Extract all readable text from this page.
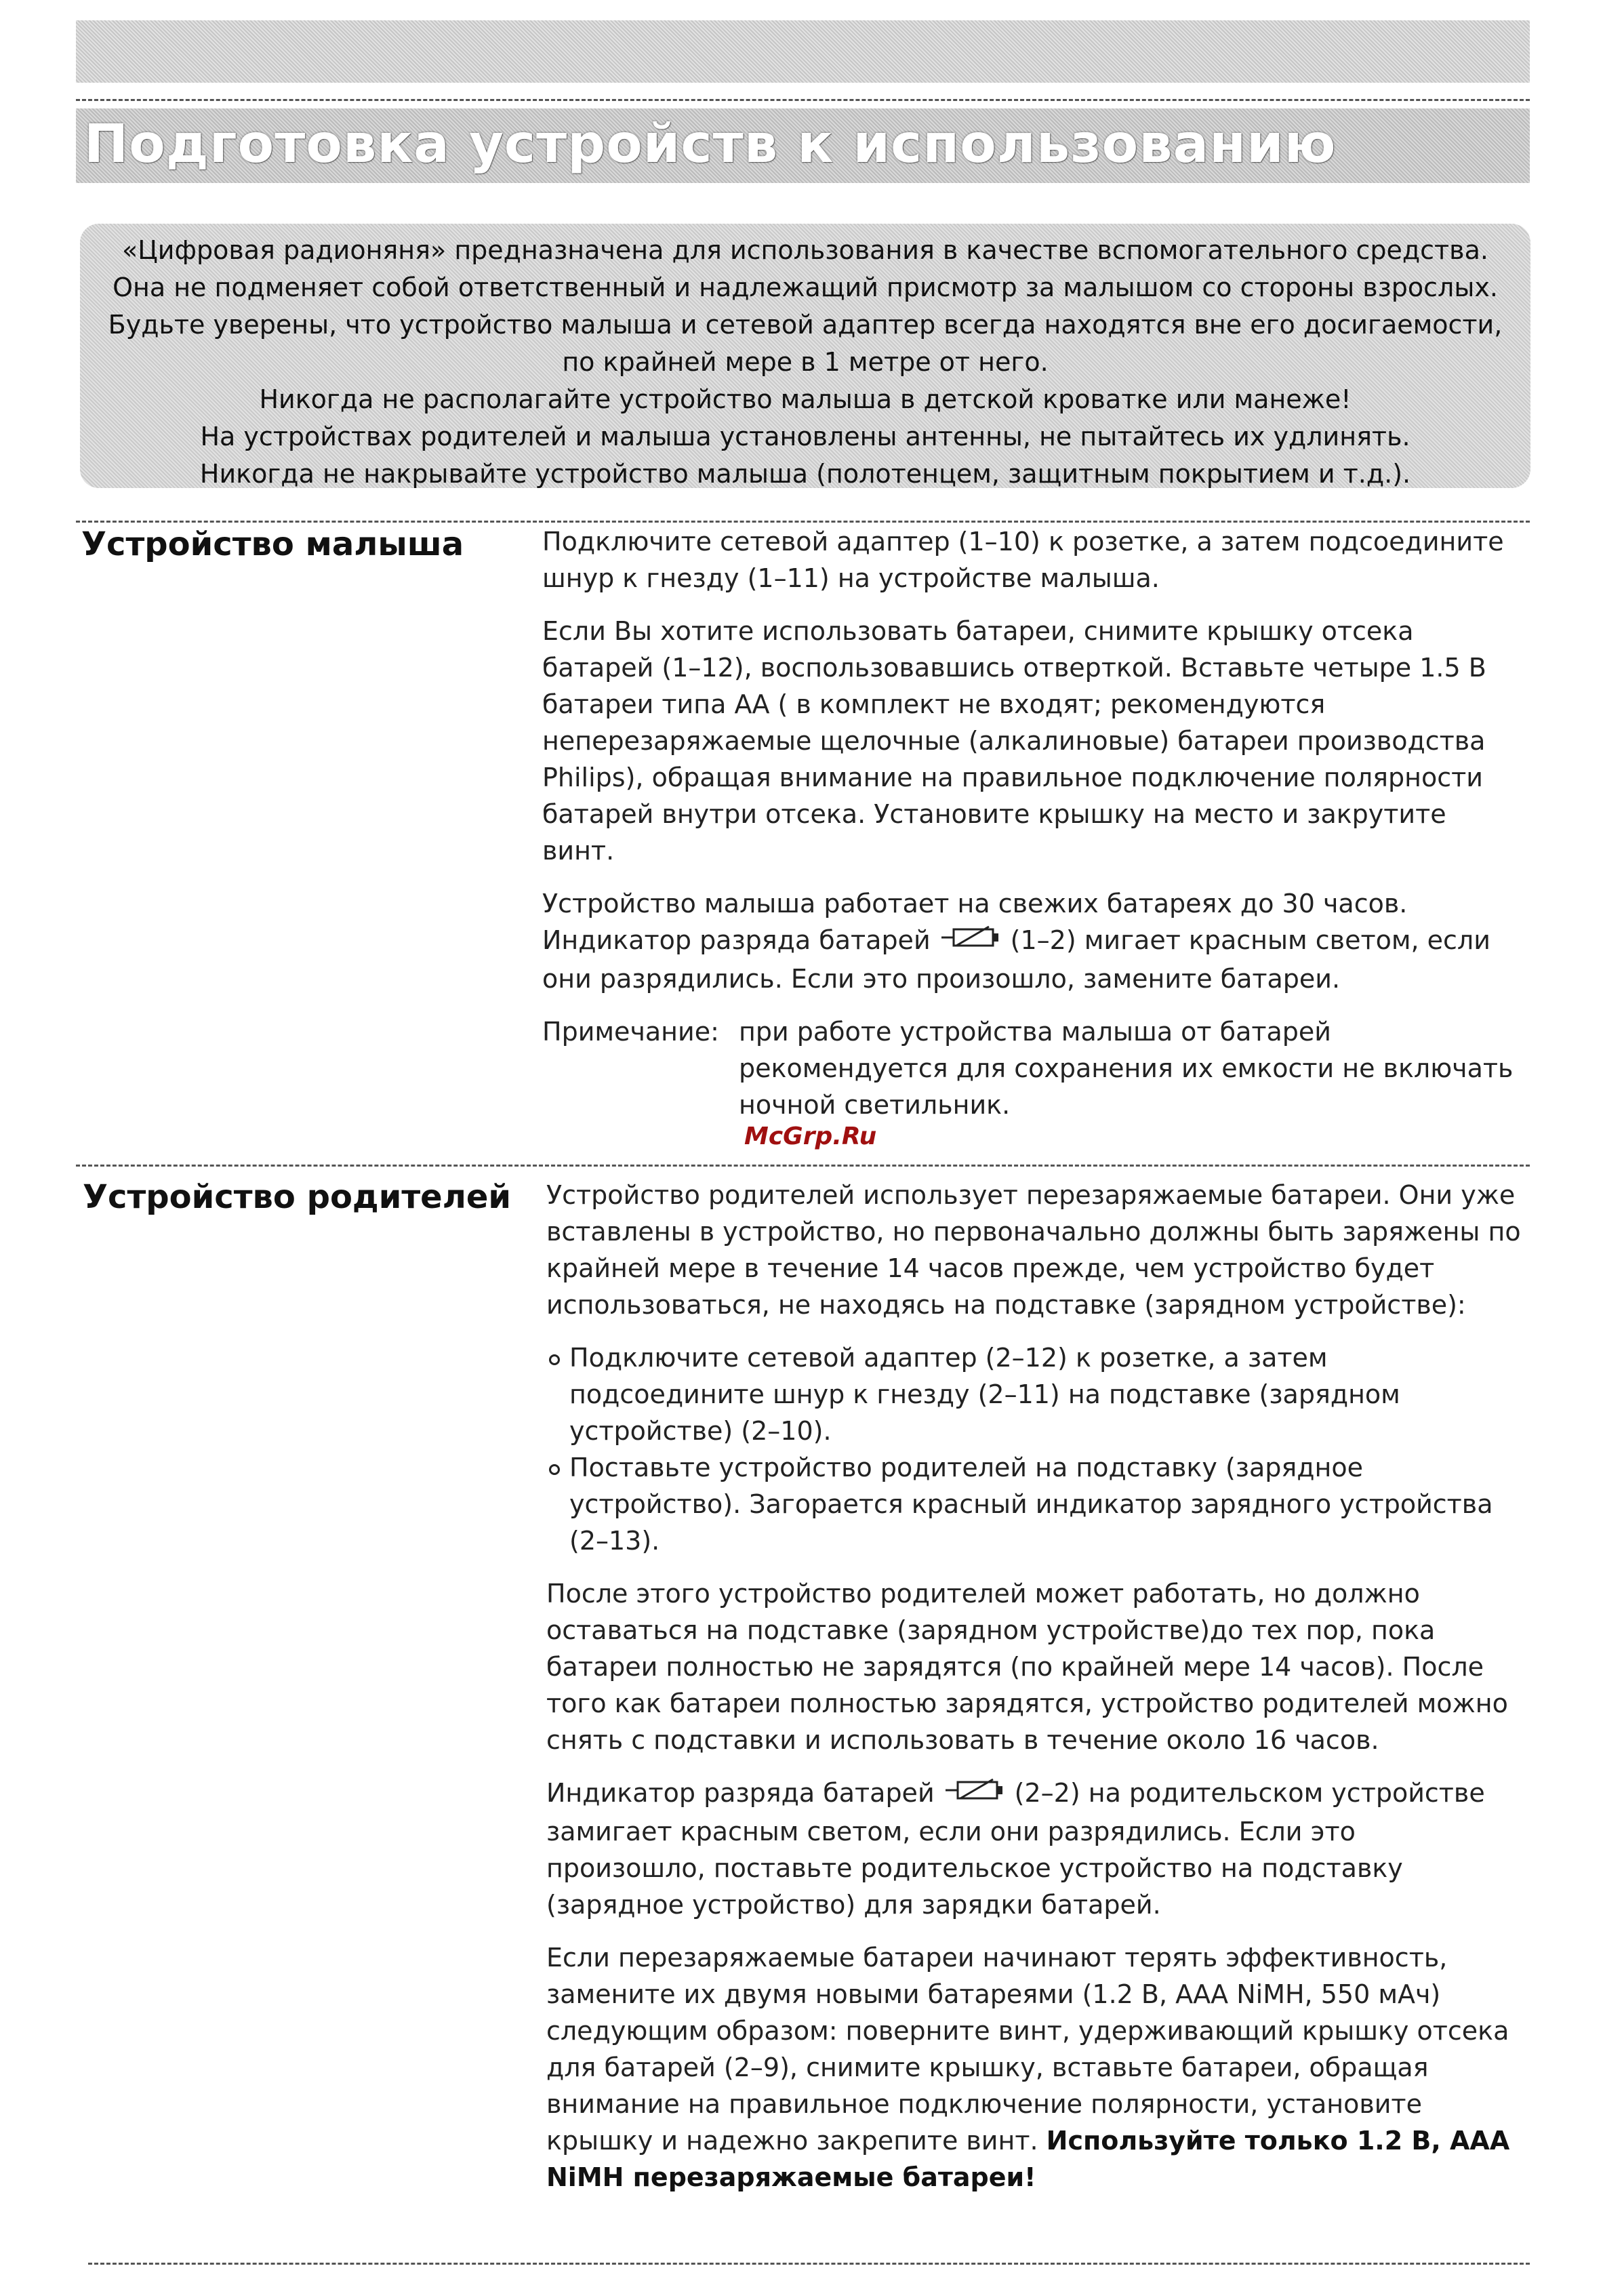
Подготовка устройств к использованию

«Цифровая радионяня» предназначена для использования в качестве вспомогательного средства.

Она не подменяет собой ответственный и надлежащий присмотр за малышом со стороны взрослых.

Будьте уверены, что устройство малыша и сетевой адаптер всегда находятся вне его досигаемости,

по крайней мере в 1 метре от него.

Никогда не располагайте устройство малыша в детской кроватке или манеже!

На устройствах родителей и малыша установлены антенны, не пытайтесь их удлинять.

Никогда не накрывайте устройство малыша (полотенцем, защитным покрытием и т.д.).

Устройство малыша	Подключите сетевой адаптер (1–10) к розетке, а затем подсоедините шнур к гнезду (1–11) на устройстве малыша.

Если Вы хотите использовать батареи, снимите крышку отсека батарей (1–12), воспользовавшись отверткой. Вставьте четыре 1.5 В батареи типа АА ( в комплект не входят; рекомендуются неперезаряжаемые щелочные (алкалиновые) батареи производства Philips), обращая внимание на правильное подключение полярности батарей внутри отсека. Установите крышку на место и закрутите винт.

Устройство малыша работает на свежих батареях до 30 часов.
Индикатор разряда батарей	(1–2) мигает красным светом, если они разрядились. Если это произошло, замените батареи.

Примечание: при работе устройства малыша от батарей рекомендуется для сохранения их емкости не включать ночной светильник.

McGrp.Ru
Устройство родителей Устройство родителей использует перезаряжаемые батареи. Они уже вставлены в устройство, но первоначально должны быть заряжены по крайней мере в течение 14 часов прежде, чем устройство будет использоваться, не находясь на подставке (зарядном устройстве):

Подключите сетевой адаптер (2–12) к розетке, а затем подсоедините шнур к гнезду (2–11) на подставке (зарядном устройстве) (2–10).
Поставьте устройство родителей на подставку (зарядное устройство). Загорается красный индикатор зарядного устройства (2–13).

После этого устройство родителей может работать, но должно оставаться на подставке (зарядном устройстве)до тех пор, пока батареи полностью не зарядятся (по крайней мере 14 часов). После того как батареи полностью зарядятся, устройство родителей можно снять с подставки и использовать в течение около 16 часов.

Индикатор разряда батарей	(2–2) на родительском устройстве замигает красным светом, если они разрядились. Если это произошло, поставьте родительское устройство на подставку (зарядное устройство) для зарядки батарей.

Если перезаряжаемые батареи начинают терять эффективность, замените их двумя новыми батареями (1.2 В, ААА NiMH, 550 мАч) следующим образом: поверните винт, удерживающий крышку отсека для батарей (2–9), снимите крышку, вставьте батареи, обращая внимание на правильное подключение полярности, установите крышку и надежно закрепите винт. Используйте только 1.2 В, ААА NiMH перезаряжаемые батареи!
